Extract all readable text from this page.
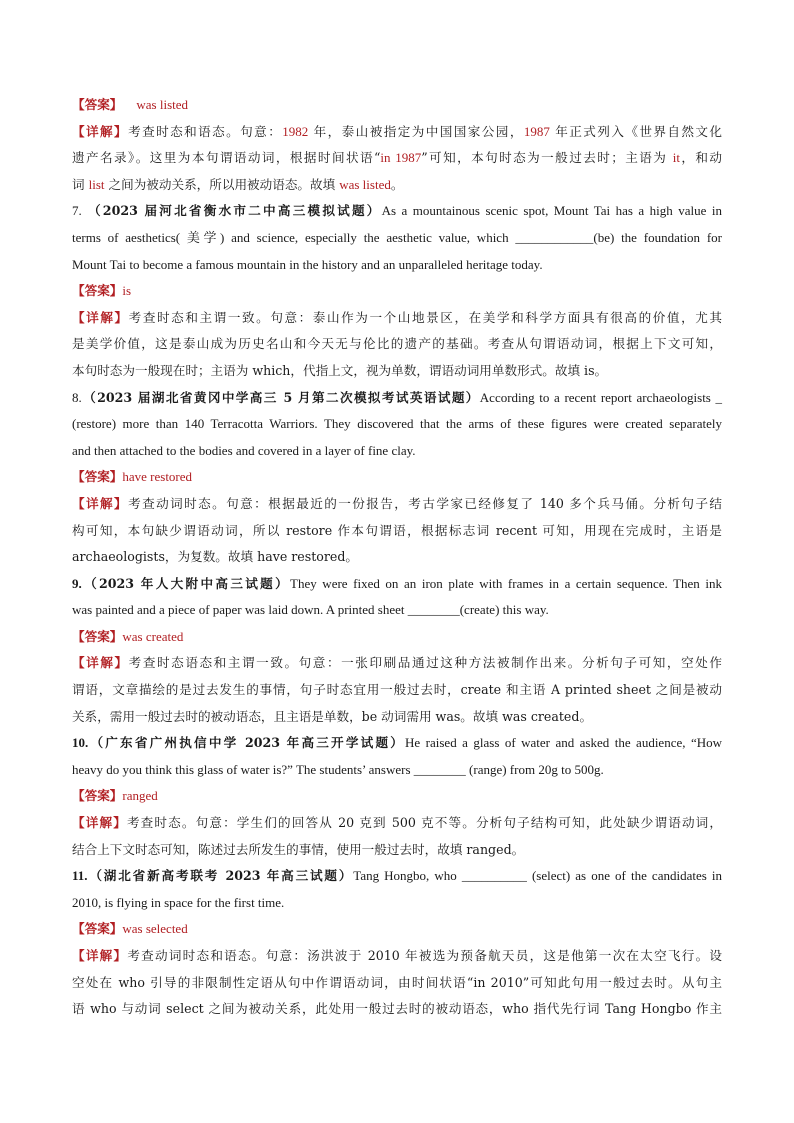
【答案】 was listed
【详解】考查时态和语态。句意：1982 年，泰山被指定为中国国家公园，1987 年正式列入《世界自然文化
遗产名录》。这里为本句谓语动词，根据时间状语“in 1987”可知，本句时态为一般过去时；主语为 it，和动
词 list 之间为被动关系，所以用被动语态。故填 was listed。
7. （2023 届河北省衡水市二中高三模拟试题）As a mountainous scenic spot, Mount Tai has a high value in
terms of aesthetics( 美学) and science, especially the aesthetic value, which ____________(be) the foundation for
Mount Tai to become a famous mountain in the history and an unparalleled heritage today.
【答案】is
【详解】考查时态和主谓一致。句意：泰山作为一个山地景区，在美学和科学方面具有很高的价值，尤其
是美学价值，这是泰山成为历史名山和今天无与伦比的遗产的基础。考查从句谓语动词，根据上下文可知，
本句时态为一般现在时；主语为 which，代指上文，视为单数，谓语动词用单数形式。故填 is。
8.（2023 届湖北省黄冈中学高三 5 月第二次模拟考试英语试题）According to a recent report archaeologists _
(restore) more than 140 Terracotta Warriors. They discovered that the arms of these figures were created separately
and then attached to the bodies and covered in a layer of fine clay.
【答案】have restored
【详解】考查动词时态。句意：根据最近的一份报告，考古学家已经修复了 140 多个兵马俑。分析句子结
构可知，本句缺少谓语动词，所以 restore 作本句谓语，根据标志词 recent 可知，用现在完成时，主语是
archaeologists，为复数。故填 have restored。
9.（2023 年人大附中高三试题）They were fixed on an iron plate with frames in a certain sequence. Then ink
was painted and a piece of paper was laid down. A printed sheet ________(create) this way.
【答案】was created
【详解】考查时态语态和主谓一致。句意：一张印刷品通过这种方法被制作出来。分析句子可知，空处作
谓语，文章描绘的是过去发生的事情，句子时态宜用一般过去时，create 和主语 A printed sheet 之间是被动
关系，需用一般过去时的被动语态，且主语是单数，be 动词需用 was。故填 was created。
10.（广东省广州执信中学 2023 年高三开学试题）He raised a glass of water and asked the audience, “How
heavy do you think this glass of water is?” The students’ answers ________ (range) from 20g to 500g.
【答案】ranged
【详解】考查时态。句意：学生们的回答从 20 克到 500 克不等。分析句子结构可知，此处缺少谓语动词，
结合上下文时态可知，陈述过去所发生的事情，使用一般过去时，故填 ranged。
11.（湖北省新高考联考 2023 年高三试题）Tang Hongbo, who __________ (select) as one of the candidates in
2010, is flying in space for the first time.
【答案】was selected
【详解】考查动词时态和语态。句意：汤洪波于 2010 年被选为预备航天员，这是他第一次在太空飞行。设
空处在 who 引导的非限制性定语从句中作谓语动词，由时间状语“in 2010”可知此句用一般过去时。从句主
语 who 与动词 select 之间为被动关系，此处用一般过去时的被动语态，who 指代先行词 Tang Hongbo 作主
